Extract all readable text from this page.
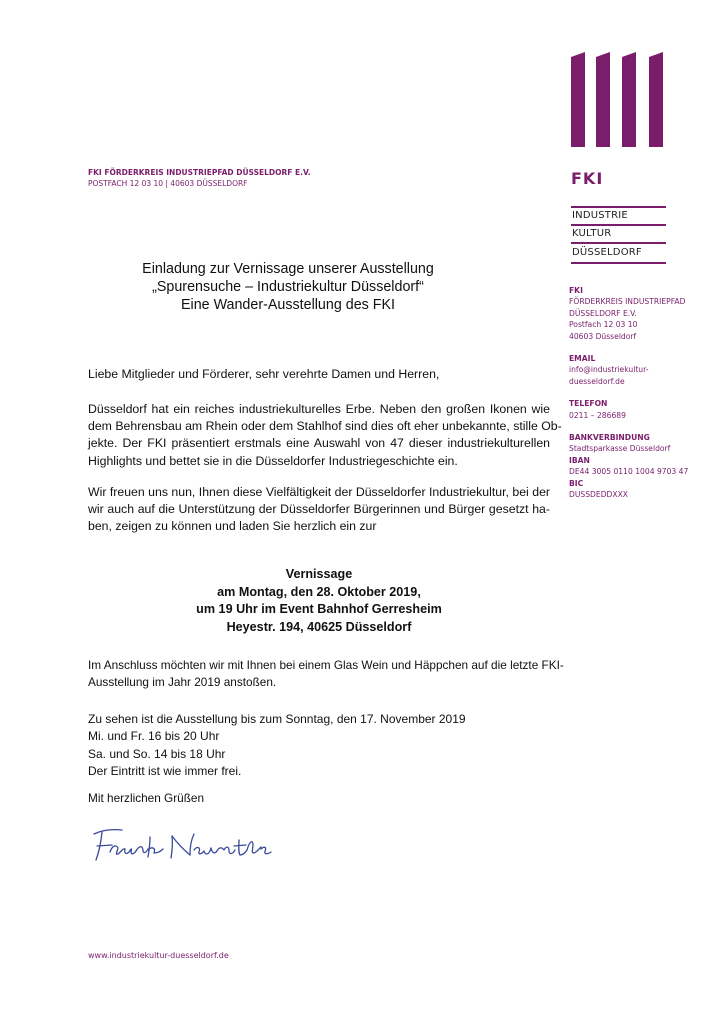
FKI
INDUSTRIE
KULTUR
DÜSSELDORF
FKI FÖRDERKREIS INDUSTRIEPFAD DÜSSELDORF E.V.
POSTFACH 12 03 10 | 40603 DÜSSELDORF
FKI
FÖRDERKREIS INDUSTRIEPFAD
DÜSSELDORF E.V.
Postfach 12 03 10
40603 Düsseldorf
EMAIL
info@industriekultur-
duesseldorf.de
TELEFON
0211 – 286689
BANKVERBINDUNG
Stadtsparkasse Düsseldorf
IBAN
DE44 3005 0110 1004 9703 47
BIC
DUSSDEDDXXX
Einladung zur Vernissage unserer Ausstellung
„Spurensuche – Industriekultur Düsseldorf“
Eine Wander-Ausstellung des FKI
Liebe Mitglieder und Förderer, sehr verehrte Damen und Herren,
Düsseldorf hat ein reiches industriekulturelles Erbe. Neben den großen Ikonen wie
dem Behrensbau am Rhein oder dem Stahlhof sind dies oft eher unbekannte, stille Ob-
jekte. Der FKI präsentiert erstmals eine Auswahl von 47 dieser industriekulturellen
Highlights und bettet sie in die Düsseldorfer Industriegeschichte ein.
Wir freuen uns nun, Ihnen diese Vielfältigkeit der Düsseldorfer Industriekultur, bei der
wir auch auf die Unterstützung der Düsseldorfer Bürgerinnen und Bürger gesetzt ha-
ben, zeigen zu können und laden Sie herzlich ein zur
Vernissage
am Montag, den 28. Oktober 2019,
um 19 Uhr im Event Bahnhof Gerresheim
Heyestr. 194, 40625 Düsseldorf
Im Anschluss möchten wir mit Ihnen bei einem Glas Wein und Häppchen auf die letzte FKI-
Ausstellung im Jahr 2019 anstoßen.
Zu sehen ist die Ausstellung bis zum Sonntag, den 17. November 2019
Mi. und Fr. 16 bis 20 Uhr
Sa. und So. 14 bis 18 Uhr
Der Eintritt ist wie immer frei.
Mit herzlichen Grüßen
www.industriekultur-duesseldorf.de
